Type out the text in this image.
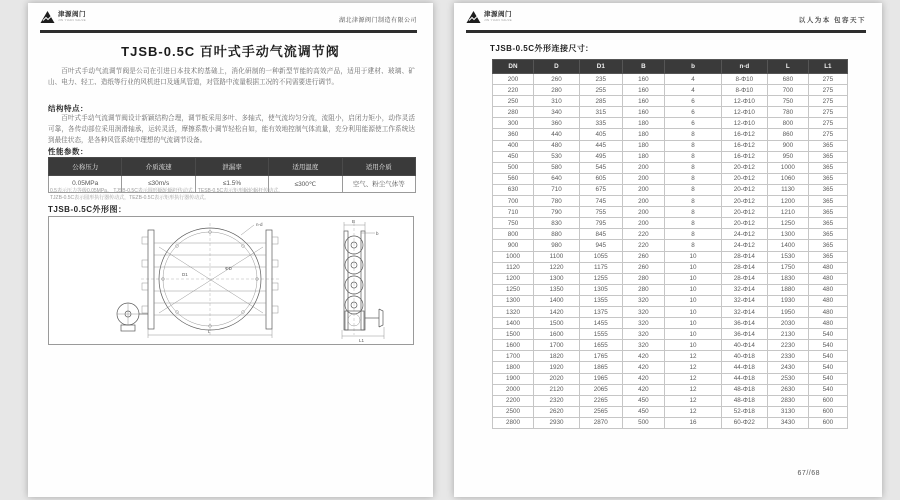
津源阀门
JIN YUAN VALVE	湖北津源阀门制造有限公司
TJSB-0.5C 百叶式手动气流调节阀
百叶式手动气流调节阀是公司在引进日本技术的基础上，消化研制的一种新型节能的高效产品，适用于建材、玻璃、矿山、电力、轻工、造纸等行业的风机进口及通风管道，对管路中流量根据工况的不同需要进行调节。
结构特点：
百叶式手动气流调节阀设计新颖结构合理，调节板采用多叶、多轴式，使气流均匀分流，流阻小，启闭力矩小，动作灵活可靠，各传动部位采用润滑轴承，运转灵活，摩擦系数小调节轻松自如，能有效地控制气体流量，充分利用能源使工作系统达到最佳状态，是各种风管系统中理想的气流调节设备。
性能参数：
公称压力	介质流速	泄漏率	适用温度	适用介质
0.05MPa	≤30m/s	≤1.5%	≤300℃	空气、粉尘气体等
0.5表示压力等级0.05MPa。 TJSB-0.5C表示圆形蜗轮蜗杆传动式，TESB-0.5C表示矩形蜗轮蜗杆传动式。
TJZB-0.5C表示圆形执行器传动式，TEZB-0.5C表示矩形执行器传动式。
TJSB-0.5C外形图：
L
n-d
ΦD
D1
B
b
L1
津源阀门
JIN YUAN VALVE	以人为本 包容天下
TJSB-0.5C外形连接尺寸:
DN	D	D1	B	b	n-d	L	L1
200	260	235	160	4	8-Φ10	680	275
220	280	255	160	4	8-Φ10	700	275
250	310	285	160	6	12-Φ10	750	275
280	340	315	160	6	12-Φ10	780	275
300	360	335	180	6	12-Φ10	800	275
360	440	405	180	8	16-Φ12	860	275
400	480	445	180	8	16-Φ12	900	365
450	530	495	180	8	16-Φ12	950	365
500	580	545	200	8	20-Φ12	1000	365
560	640	605	200	8	20-Φ12	1060	365
630	710	675	200	8	20-Φ12	1130	365
700	780	745	200	8	20-Φ12	1200	365
710	790	755	200	8	20-Φ12	1210	365
750	830	795	200	8	20-Φ12	1250	365
800	880	845	220	8	24-Φ12	1300	365
900	980	945	220	8	24-Φ12	1400	365
1000	1100	1055	260	10	28-Φ14	1530	365
1120	1220	1175	260	10	28-Φ14	1750	480
1200	1300	1255	280	10	28-Φ14	1830	480
1250	1350	1305	280	10	32-Φ14	1880	480
1300	1400	1355	320	10	32-Φ14	1930	480
1320	1420	1375	320	10	32-Φ14	1950	480
1400	1500	1455	320	10	36-Φ14	2030	480
1500	1600	1555	320	10	36-Φ14	2130	540
1600	1700	1655	320	10	40-Φ14	2230	540
1700	1820	1765	420	12	40-Φ18	2330	540
1800	1920	1865	420	12	44-Φ18	2430	540
1900	2020	1965	420	12	44-Φ18	2530	540
2000	2120	2065	420	12	48-Φ18	2630	540
2200	2320	2265	450	12	48-Φ18	2830	600
2500	2620	2565	450	12	52-Φ18	3130	600
2800	2930	2870	500	16	60-Φ22	3430	600
67//68
